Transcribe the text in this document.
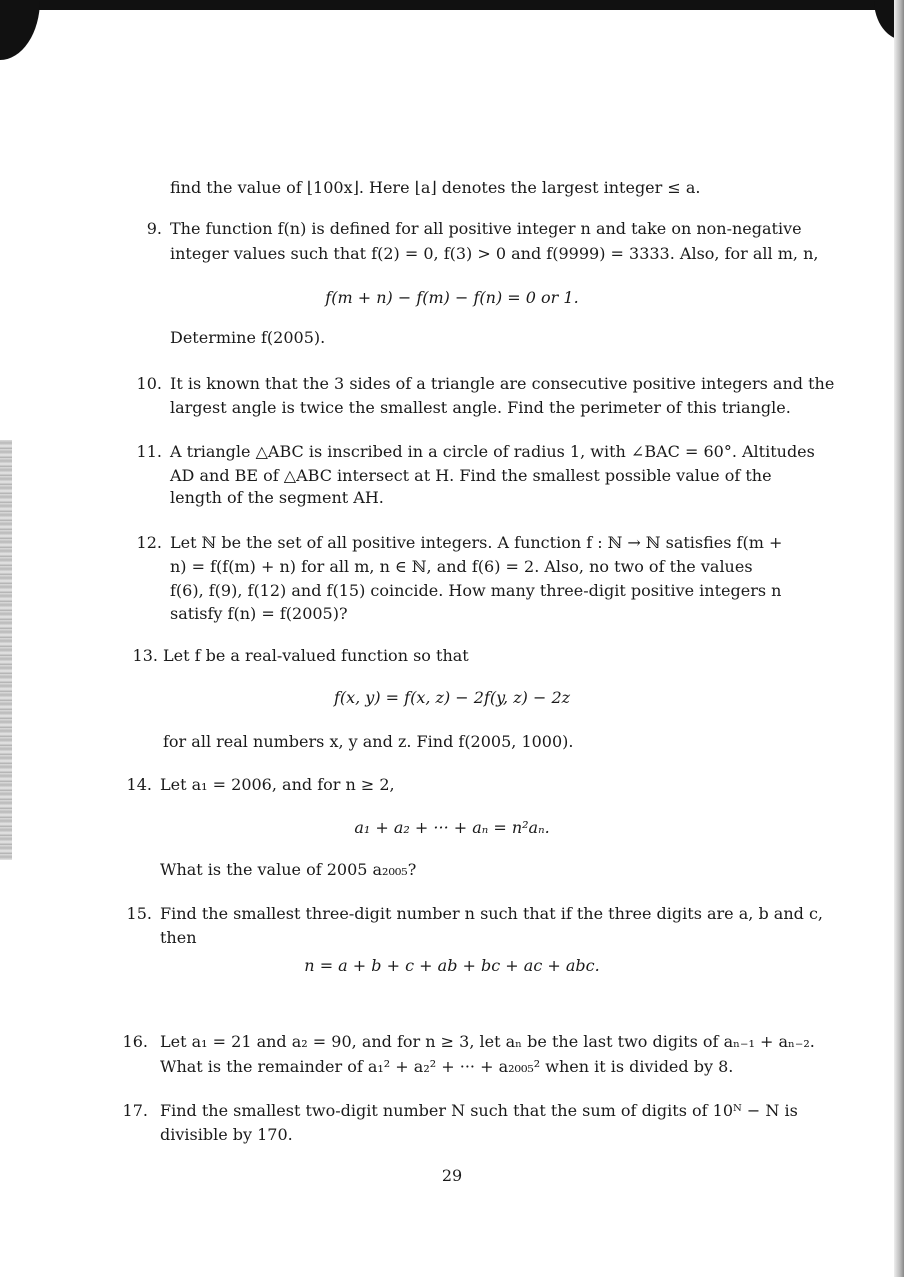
find the value of ⌊100x⌋. Here ⌊a⌋ denotes the largest integer ≤ a.
9. The function f(n) is defined for all positive integer n and take on non-negative
integer values such that f(2) = 0, f(3) > 0 and f(9999) = 3333. Also, for all m, n,
f(m + n) − f(m) − f(n) = 0 or 1.
Determine f(2005).
10. It is known that the 3 sides of a triangle are consecutive positive integers and the
largest angle is twice the smallest angle. Find the perimeter of this triangle.
11. A triangle △ABC is inscribed in a circle of radius 1, with ∠BAC = 60°. Altitudes
AD and BE of △ABC intersect at H. Find the smallest possible value of the
length of the segment AH.
12. Let ℕ be the set of all positive integers. A function f : ℕ → ℕ satisfies f(m +
n) = f(f(m) + n) for all m, n ∈ ℕ, and f(6) = 2. Also, no two of the values
f(6), f(9), f(12) and f(15) coincide. How many three-digit positive integers n
satisfy f(n) = f(2005)?
13. Let f be a real-valued function so that
f(x, y) = f(x, z) − 2f(y, z) − 2z
for all real numbers x, y and z. Find f(2005, 1000).
14. Let a₁ = 2006, and for n ≥ 2,
a₁ + a₂ + ··· + aₙ = n²aₙ.
What is the value of 2005 a₂₀₀₅?
15. Find the smallest three-digit number n such that if the three digits are a, b and c,
then
n = a + b + c + ab + bc + ac + abc.
16. Let a₁ = 21 and a₂ = 90, and for n ≥ 3, let aₙ be the last two digits of aₙ₋₁ + aₙ₋₂.
What is the remainder of a₁² + a₂² + ··· + a₂₀₀₅² when it is divided by 8.
17. Find the smallest two-digit number N such that the sum of digits of 10ᴺ − N is
divisible by 170.
29
